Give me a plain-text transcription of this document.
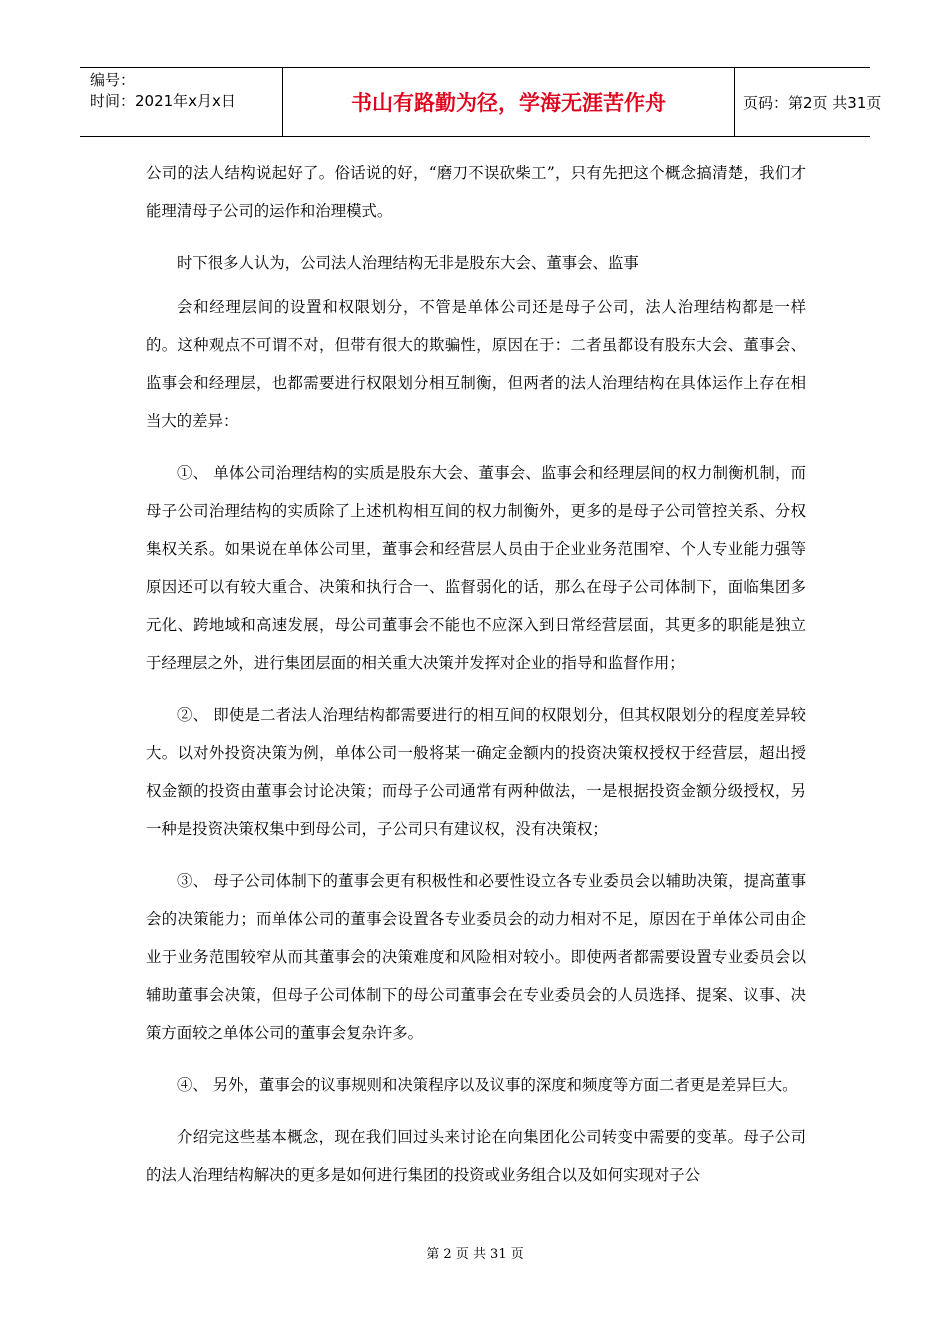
编号：
时间：2021年x月x日	书山有路勤为径，学海无涯苦作舟	页码：第2页 共31页

公司的法人结构说起好了。俗话说的好，“磨刀不误砍柴工”，只有先把这个概念搞清楚，我们才能理清母子公司的运作和治理模式。

时下很多人认为，公司法人治理结构无非是股东大会、董事会、监事

会和经理层间的设置和权限划分，不管是单体公司还是母子公司，法人治理结构都是一样的。这种观点不可谓不对，但带有很大的欺骗性，原因在于：二者虽都设有股东大会、董事会、监事会和经理层，也都需要进行权限划分相互制衡，但两者的法人治理结构在具体运作上存在相当大的差异：

①、 单体公司治理结构的实质是股东大会、董事会、监事会和经理层间的权力制衡机制，而母子公司治理结构的实质除了上述机构相互间的权力制衡外，更多的是母子公司管控关系、分权集权关系。如果说在单体公司里，董事会和经营层人员由于企业业务范围窄、个人专业能力强等原因还可以有较大重合、决策和执行合一、监督弱化的话，那么在母子公司体制下，面临集团多元化、跨地域和高速发展，母公司董事会不能也不应深入到日常经营层面，其更多的职能是独立于经理层之外，进行集团层面的相关重大决策并发挥对企业的指导和监督作用；

②、 即使是二者法人治理结构都需要进行的相互间的权限划分，但其权限划分的程度差异较大。以对外投资决策为例，单体公司一般将某一确定金额内的投资决策权授权于经营层，超出授权金额的投资由董事会讨论决策；而母子公司通常有两种做法，一是根据投资金额分级授权，另一种是投资决策权集中到母公司，子公司只有建议权，没有决策权；

③、 母子公司体制下的董事会更有积极性和必要性设立各专业委员会以辅助决策，提高董事会的决策能力；而单体公司的董事会设置各专业委员会的动力相对不足，原因在于单体公司由企业于业务范围较窄从而其董事会的决策难度和风险相对较小。即使两者都需要设置专业委员会以辅助董事会决策，但母子公司体制下的母公司董事会在专业委员会的人员选择、提案、议事、决策方面较之单体公司的董事会复杂许多。

④、 另外，董事会的议事规则和决策程序以及议事的深度和频度等方面二者更是差异巨大。

介绍完这些基本概念，现在我们回过头来讨论在向集团化公司转变中需要的变革。母子公司的法人治理结构解决的更多是如何进行集团的投资或业务组合以及如何实现对子公

第 2 页 共 31 页
